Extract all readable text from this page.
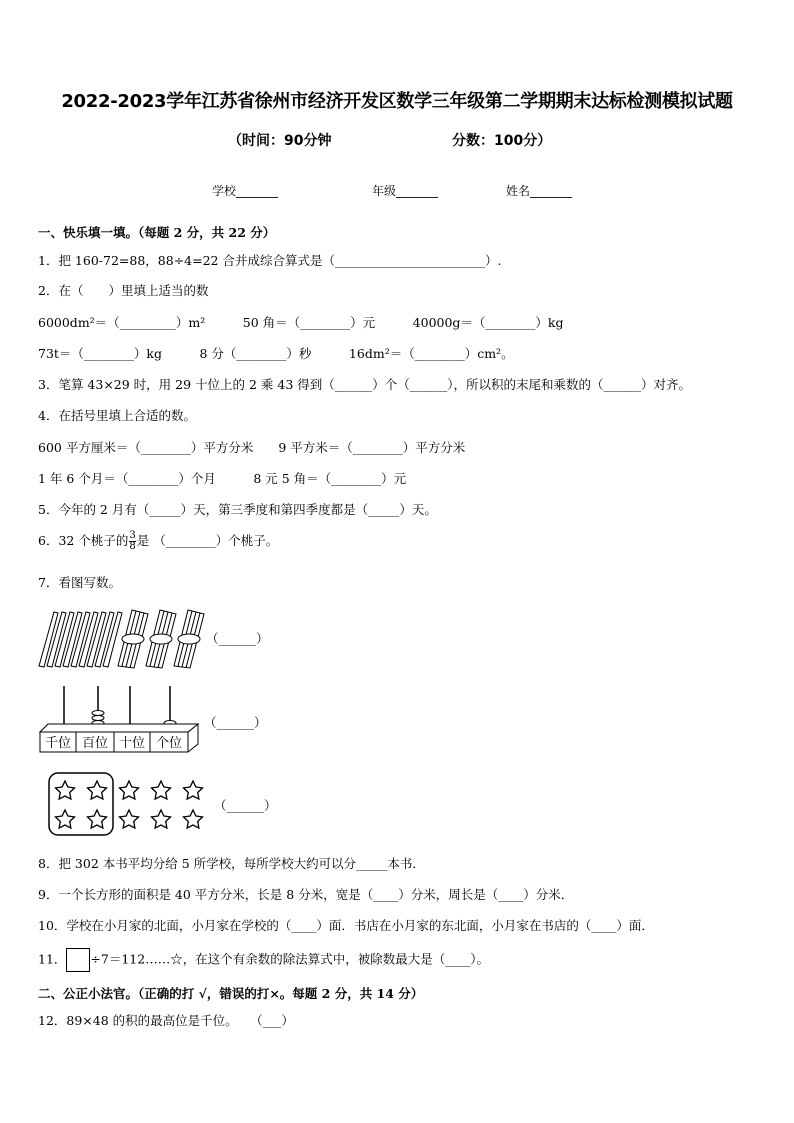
2022-2023学年江苏省徐州市经济开发区数学三年级第二学期期末达标检测模拟试题
（时间：90分钟	分数：100分）
学校_______	年级_______	姓名_______
一、快乐填一填。（每题 2 分，共 22 分）
1．把 160-72=88，88÷4=22 合并成综合算式是（________________________）.
2．在（　　）里填上适当的数
6000dm²＝（_________）m²　　　50 角＝（________）元　　　40000g＝（________）kg
73t＝（________）kg　　　8 分（________）秒　　　16dm²＝（________）cm²。
3．笔算 43×29 时，用 29 十位上的 2 乘 43 得到（______）个（______），所以积的末尾和乘数的（______）对齐。
4．在括号里填上合适的数。
600 平方厘米＝（________）平方分米　　9 平方米＝（________）平方分米
1 年 6 个月＝（________）个月　　　8 元 5 角＝（________）元
5．今年的 2 月有（_____）天，第三季度和第四季度都是（_____）天。
6．32 个桃子的 $\frac{3}{8}$ 是 （________）个桃子。
7．看图写数。
（______）
千位 百位 十位 个位
（______）
（______）
8．把 302 本书平均分给 5 所学校，每所学校大约可以分_____本书．
9．一个长方形的面积是 40 平方分米，长是 8 分米，宽是（____）分米，周长是（____）分米．
10．学校在小月家的北面，小月家在学校的（____）面．书店在小月家的东北面，小月家在书店的（____）面．
11． ÷7＝112……☆，在这个有余数的除法算式中，被除数最大是（____）。
二、公正小法官。（正确的打 √，错误的打×。每题 2 分，共 14 分）
12．89×48 的积的最高位是千位。　　（___）
